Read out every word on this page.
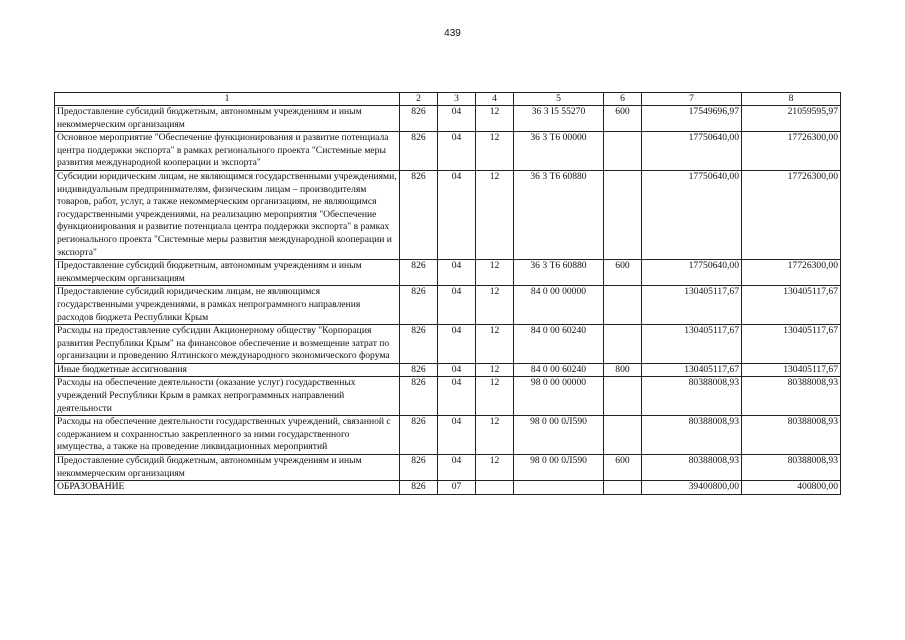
439
1	2	3	4	5	6	7	8
Предоставление субсидий бюджетным, автономным учреждениям и иным некоммерческим организациям	826	04	12	36 3 I5 55270	600	17549696,97	21059595,97
Основное мероприятие "Обеспечение функционирования и развитие потенциала центра поддержки экспорта" в рамках регионального проекта "Системные меры развития международной кооперации и экспорта"	826	04	12	36 3 Т6 00000		17750640,00	17726300,00
Субсидии юридическим лицам, не являющимся государственными учреждениями, индивидуальным предпринимателям, физическим лицам – производителям товаров, работ, услуг, а также некоммерческим организациям, не являющимся государственными учреждениями, на реализацию мероприятия "Обеспечение функционирования и развитие потенциала центра поддержки экспорта" в рамках регионального проекта "Системные меры развития международной кооперации и экспорта"	826	04	12	36 3 Т6 60880		17750640,00	17726300,00
Предоставление субсидий бюджетным, автономным учреждениям и иным некоммерческим организациям	826	04	12	36 3 Т6 60880	600	17750640,00	17726300,00
Предоставление субсидий юридическим лицам, не являющимся государственными учреждениями, в рамках непрограммного направления расходов бюджета Республики Крым	826	04	12	84 0 00 00000		130405117,67	130405117,67
Расходы на предоставление субсидии Акционерному обществу "Корпорация развития Республики Крым" на финансовое обеспечение и возмещение затрат по организации и проведению Ялтинского международного экономического форума	826	04	12	84 0 00 60240		130405117,67	130405117,67
Иные бюджетные ассигнования	826	04	12	84 0 00 60240	800	130405117,67	130405117,67
Расходы на обеспечение деятельности (оказание услуг) государственных учреждений Республики Крым в рамках непрограммных направлений деятельности	826	04	12	98 0 00 00000		80388008,93	80388008,93
Расходы на обеспечение деятельности государственных учреждений, связанной с содержанием и сохранностью закрепленного за ними государственного имущества, а также на проведение ликвидационных мероприятий	826	04	12	98 0 00 0Л590		80388008,93	80388008,93
Предоставление субсидий бюджетным, автономным учреждениям и иным некоммерческим организациям	826	04	12	98 0 00 0Л590	600	80388008,93	80388008,93
ОБРАЗОВАНИЕ	826	07				39400800,00	400800,00
